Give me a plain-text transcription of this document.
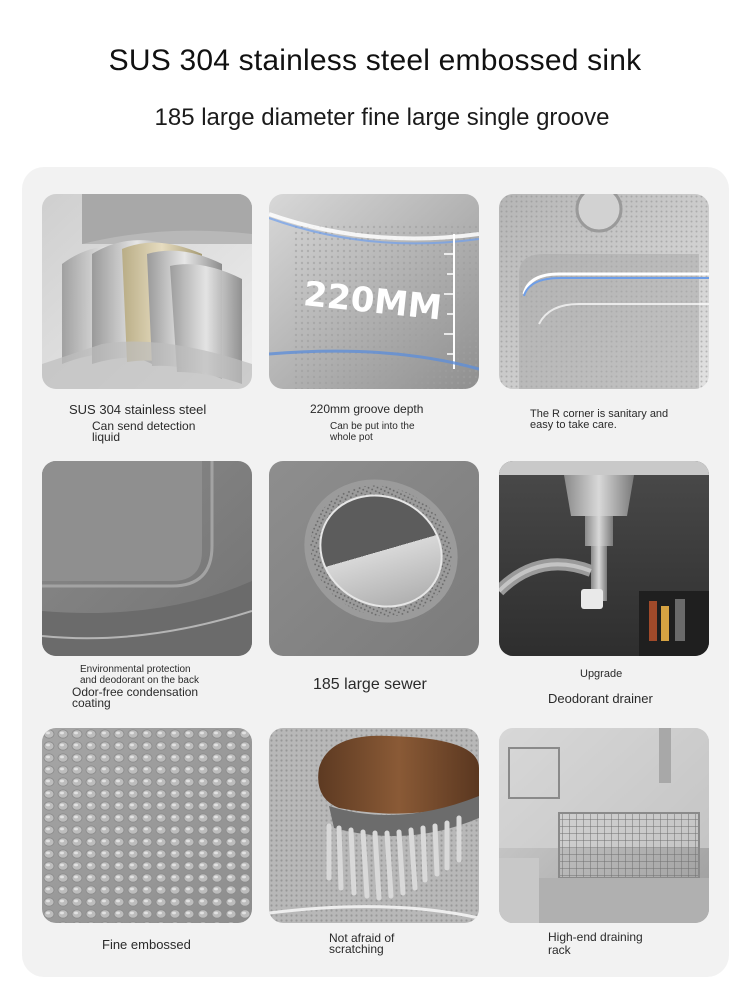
SUS 304 stainless steel embossed sink
185 large diameter fine large single groove
220MM
SUS 304 stainless steel
Can send detection
liquid
220mm groove depth
Can be put into the
whole pot
The R corner is sanitary and
easy to take care.
Environmental protection
and deodorant on the back
Odor-free condensation
coating
185 large sewer
Upgrade
Deodorant drainer
Fine embossed	Not afraid of
scratching
High-end draining
rack
